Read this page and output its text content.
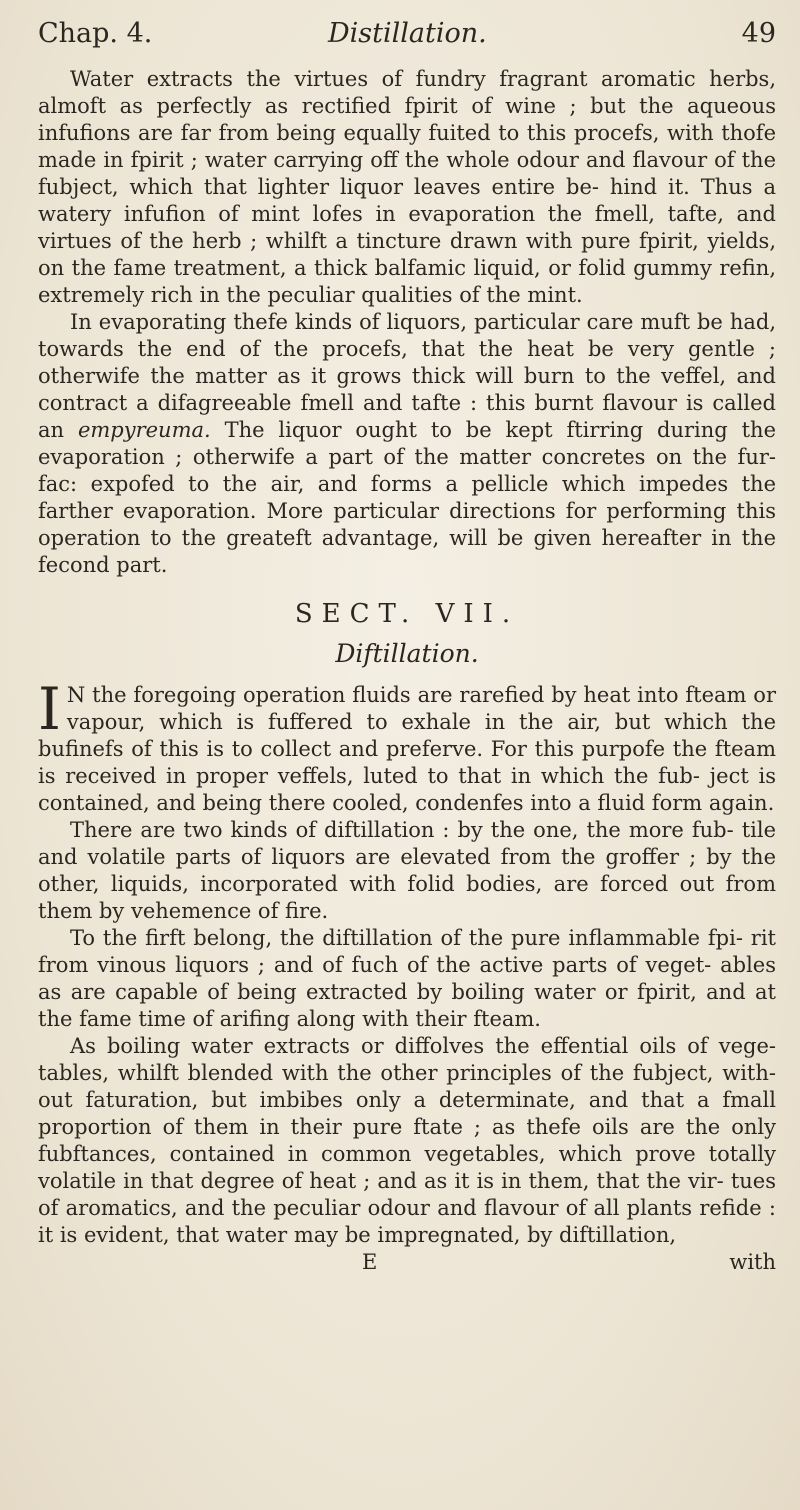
Chap. 4.	Distillation.	49

Water extracts the virtues of fundry fragrant aromatic herbs, almoft as perfectly as rectified fpirit of wine ; but the aqueous infufions are far from being equally fuited to this procefs, with thofe made in fpirit ; water carrying off the whole odour and flavour of the fubject, which that lighter liquor leaves entire be- hind it. Thus a watery infufion of mint lofes in evaporation the fmell, tafte, and virtues of the herb ; whilft a tincture drawn with pure fpirit, yields, on the fame treatment, a thick balfamic liquid, or folid gummy refin, extremely rich in the peculiar qualities of the mint.

In evaporating thefe kinds of liquors, particular care muft be had, towards the end of the procefs, that the heat be very gentle ; otherwife the matter as it grows thick will burn to the veffel, and contract a difagreeable fmell and tafte : this burnt flavour is called an empyreuma. The liquor ought to be kept ftirring during the evaporation ; otherwife a part of the matter concretes on the fur- fac: expofed to the air, and forms a pellicle which impedes the farther evaporation. More particular directions for performing this operation to the greateft advantage, will be given hereafter in the fecond part.

SECT. VII.
Diftillation.

I N the foregoing operation fluids are rarefied by heat into fteam or vapour, which is fuffered to exhale in the air, but which the bufinefs of this is to collect and preferve. For this purpofe the fteam is received in proper veffels, luted to that in which the fub- ject is contained, and being there cooled, condenfes into a fluid form again.

There are two kinds of diftillation : by the one, the more fub- tile and volatile parts of liquors are elevated from the groffer ; by the other, liquids, incorporated with folid bodies, are forced out from them by vehemence of fire.

To the firft belong, the diftillation of the pure inflammable fpi- rit from vinous liquors ; and of fuch of the active parts of veget- ables as are capable of being extracted by boiling water or fpirit, and at the fame time of arifing along with their fteam.

As boiling water extracts or diffolves the effential oils of vege- tables, whilft blended with the other principles of the fubject, with- out faturation, but imbibes only a determinate, and that a fmall proportion of them in their pure ftate ; as thefe oils are the only fubftances, contained in common vegetables, which prove totally volatile in that degree of heat ; and as it is in them, that the vir- tues of aromatics, and the peculiar odour and flavour of all plants refide : it is evident, that water may be impregnated, by diftillation,

E	with
